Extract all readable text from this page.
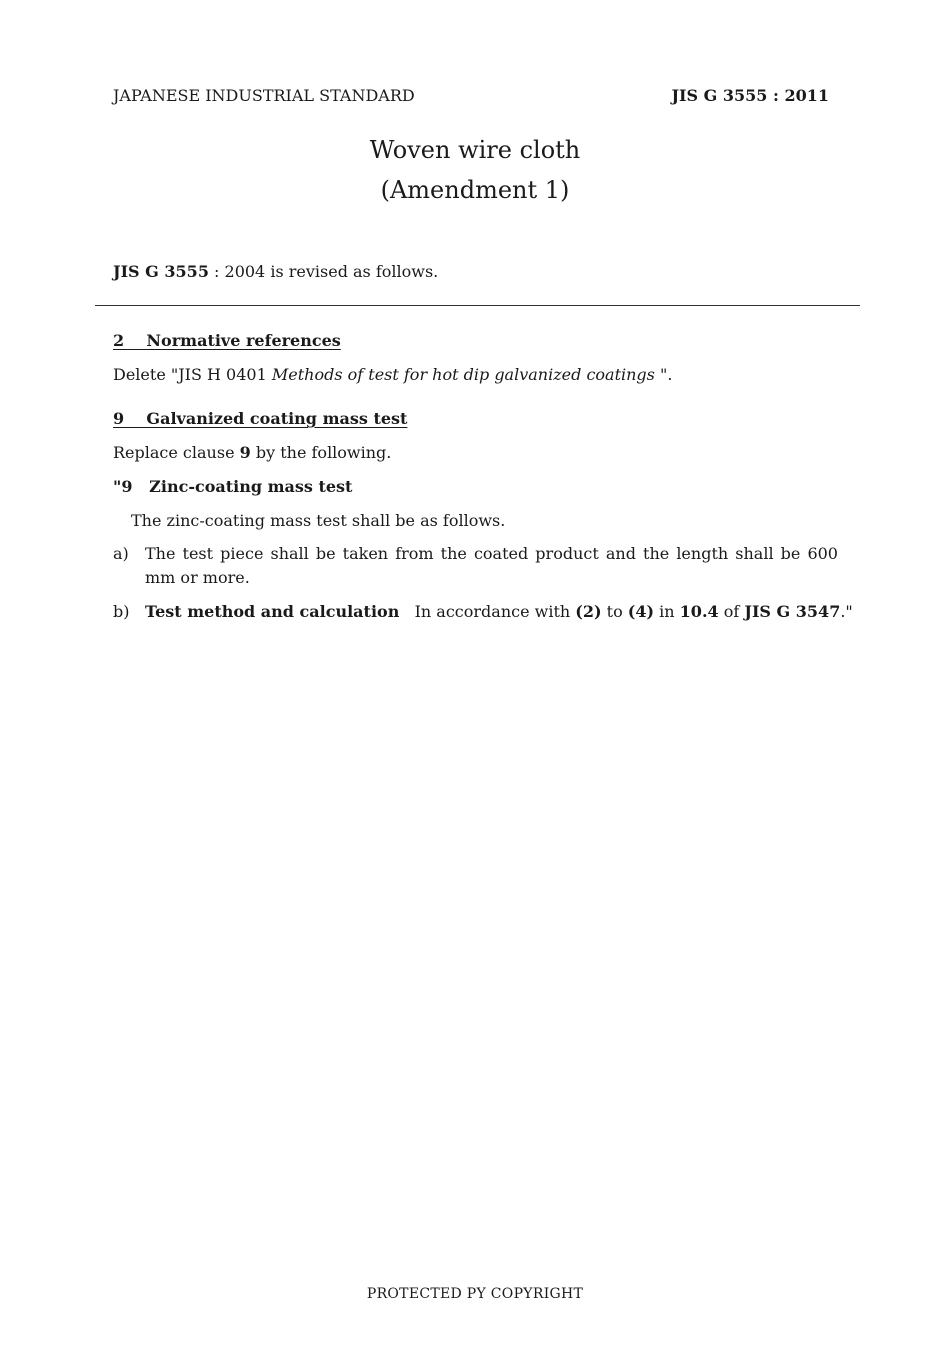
JAPANESE INDUSTRIAL STANDARD	JIS G 3555 : 2011
Woven wire cloth
(Amendment 1)
JIS G 3555 : 2004 is revised as follows.
2    Normative references
Delete "JIS H 0401 Methods of test for hot dip galvanized coatings ".
9    Galvanized coating mass test
Replace clause 9 by the following.
"9   Zinc-coating mass test
The zinc-coating mass test shall be as follows.
a) The test piece shall be taken from the coated product and the length shall be 600
mm or more.
b) Test method and calculation   In accordance with (2) to (4) in 10.4 of JIS G 3547."
PROTECTED PY COPYRIGHT
